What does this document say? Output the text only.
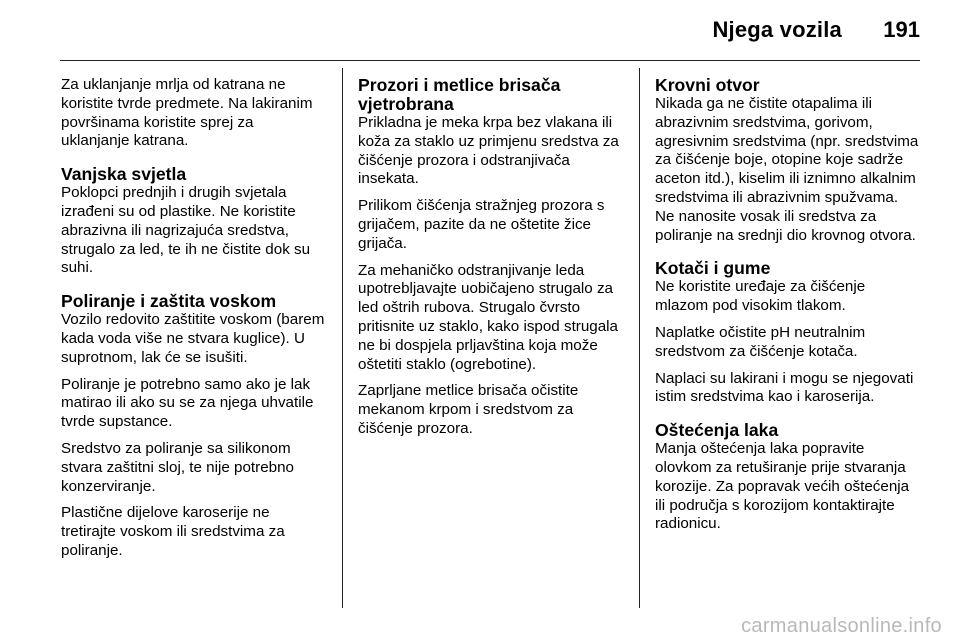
Njega vozila 191

Za uklanjanje mrlja od katrana ne koristite tvrde predmete. Na lakiranim površinama koristite sprej za uklanjanje katrana.

Vanjska svjetla

Poklopci prednjih i drugih svjetala izrađeni su od plastike. Ne koristite abrazivna ili nagrizajuća sredstva, strugalo za led, te ih ne čistite dok su suhi.

Poliranje i zaštita voskom

Vozilo redovito zaštitite voskom (barem kada voda više ne stvara kuglice). U suprotnom, lak će se isušiti.

Poliranje je potrebno samo ako je lak matirao ili ako su se za njega uhvatile tvrde supstance.

Sredstvo za poliranje sa silikonom stvara zaštitni sloj, te nije potrebno konzerviranje.

Plastične dijelove karoserije ne tretirajte voskom ili sredstvima za poliranje.

Prozori i metlice brisača vjetrobrana

Prikladna je meka krpa bez vlakana ili koža za staklo uz primjenu sredstva za čišćenje prozora i odstranjivača insekata.

Prilikom čišćenja stražnjeg prozora s grijačem, pazite da ne oštetite žice grijača.

Za mehaničko odstranjivanje leda upotrebljavajte uobičajeno strugalo za led oštrih rubova. Strugalo čvrsto pritisnite uz staklo, kako ispod strugala ne bi dospjela prljavština koja može oštetiti staklo (ogrebotine).

Zaprljane metlice brisača očistite mekanom krpom i sredstvom za čišćenje prozora.

Krovni otvor

Nikada ga ne čistite otapalima ili abrazivnim sredstvima, gorivom, agresivnim sredstvima (npr. sredstvima za čišćenje boje, otopine koje sadrže aceton itd.), kiselim ili iznimno alkalnim sredstvima ili abrazivnim spužvama. Ne nanosite vosak ili sredstva za poliranje na srednji dio krovnog otvora.

Kotači i gume

Ne koristite uređaje za čišćenje mlazom pod visokim tlakom.

Naplatke očistite pH neutralnim sredstvom za čišćenje kotača.

Naplaci su lakirani i mogu se njegovati istim sredstvima kao i karoserija.

Oštećenja laka

Manja oštećenja laka popravite olovkom za retuširanje prije stvaranja korozije. Za popravak većih oštećenja ili područja s korozijom kontaktirajte radionicu.

carmanualsonline.info
